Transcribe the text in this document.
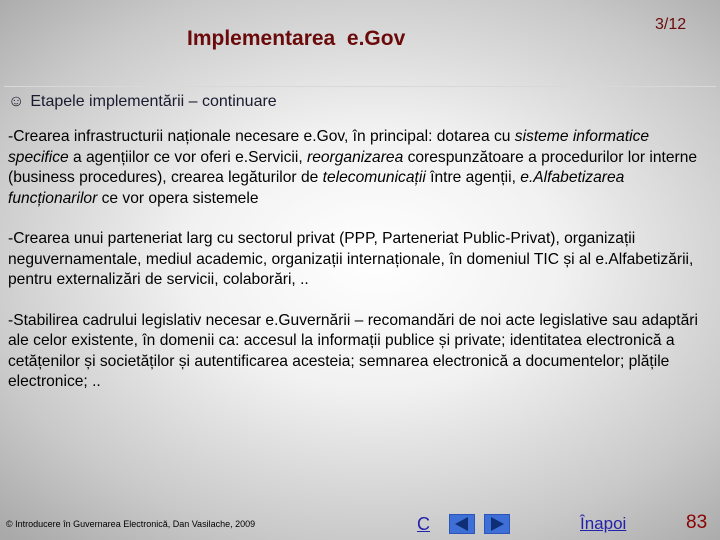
Implementarea  e.Gov
3/12
☺ Etapele implementării – continuare

-Crearea infrastructurii naționale necesare e.Gov, în principal: dotarea cu sisteme informatice specifice a agențiilor ce vor oferi e.Servicii, reorganizarea corespunzătoare a procedurilor lor interne (business procedures), crearea legăturilor de telecomunicații între agenții, e.Alfabetizarea funcționarilor ce vor opera sistemele

-Crearea unui parteneriat larg cu sectorul privat (PPP, Parteneriat Public-Privat), organizații neguvernamentale, mediul academic, organizații internaționale, în domeniul TIC și al e.Alfabetizării, pentru externalizări de servicii, colaborări, ..

-Stabilirea cadrului legislativ necesar e.Guvernării – recomandări de noi acte legislative sau adaptări ale celor existente, în domenii ca: accesul la informații publice și private; identitatea electronică a cetățenilor și societăților și autentificarea acesteia; semnarea electronică a documentelor; plățile electronice; ..

© Introducere în Guvernarea Electronică, Dan Vasilache, 2009	C	Înapoi	83
